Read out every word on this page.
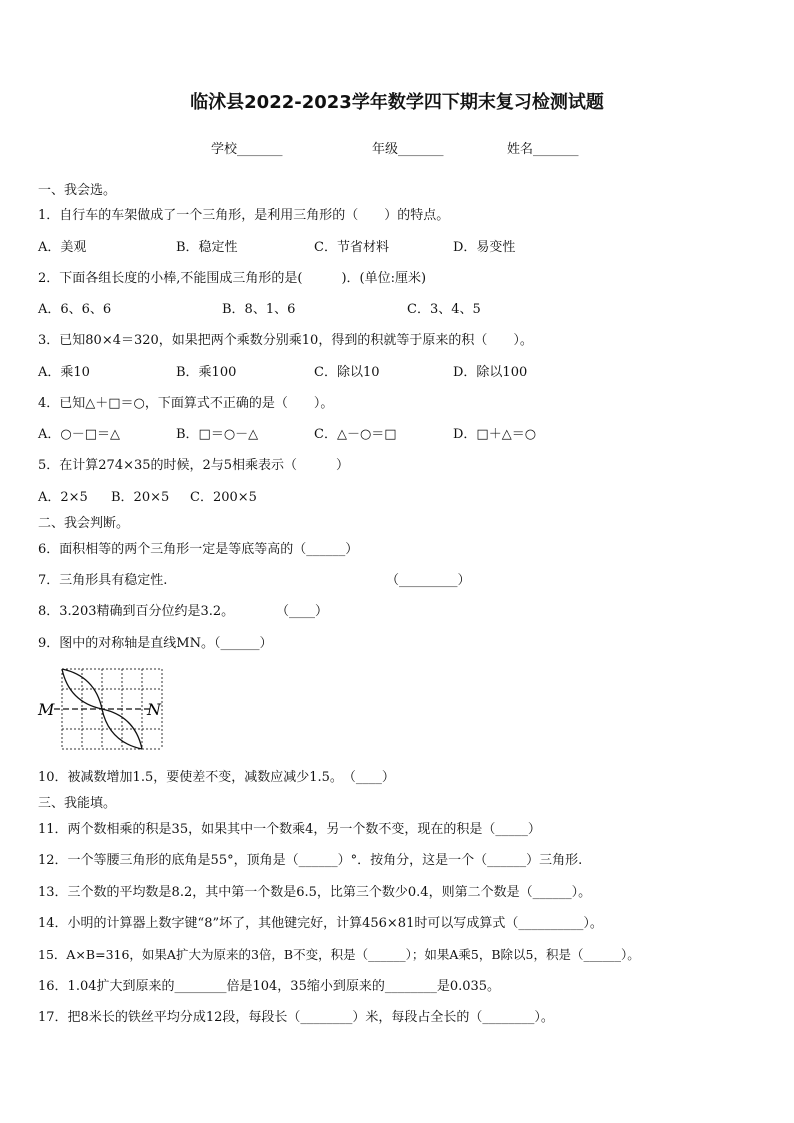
临沭县2022-2023学年数学四下期末复习检测试题
学校_______	年级_______	姓名_______
一、我会选。
1．自行车的车架做成了一个三角形，是利用三角形的（　　）的特点。
A．美观	B．稳定性	C．节省材料	D．易变性
2．下面各组长度的小棒,不能围成三角形的是(　　　)．(单位:厘米)
A．6、6、6	B．8、1、6	C．3、4、5
3．已知80×4＝320，如果把两个乘数分别乘10，得到的积就等于原来的积（　　）。
A．乘10	B．乘100	C．除以10	D．除以100
4．已知△＋□＝○，下面算式不正确的是（　　）。
A．○－□＝△	B．□＝○－△	C．△－○＝□	D．□＋△＝○
5．在计算274×35的时候，2与5相乘表示（　　　）
A．2×5 B．20×5 C．200×5
二、我会判断。
6．面积相等的两个三角形一定是等底等高的（______）
7．三角形具有稳定性.	（_________）
8．3.203精确到百分位约是3.2。	（____）
9．图中的对称轴是直线MN。（______）
M	N
10．被减数增加1.5，要使差不变，减数应减少1.5。　（____）
三、我能填。
11．两个数相乘的积是35，如果其中一个数乘4，另一个数不变，现在的积是（_____）
12．一个等腰三角形的底角是55°，顶角是（______）°．按角分，这是一个（______）三角形.
13．三个数的平均数是8.2，其中第一个数是6.5，比第三个数少0.4，则第二个数是（______）。
14．小明的计算器上数字键“8”坏了，其他键完好，计算456×81时可以写成算式（__________）。
15．A×B=316，如果A扩大为原来的3倍，B不变，积是（______）；如果A乘5，B除以5，积是（______）。
16．1.04扩大到原来的________倍是104，35缩小到原来的________是0.035。
17．把8米长的铁丝平均分成12段，每段长（________）米，每段占全长的（________）。
